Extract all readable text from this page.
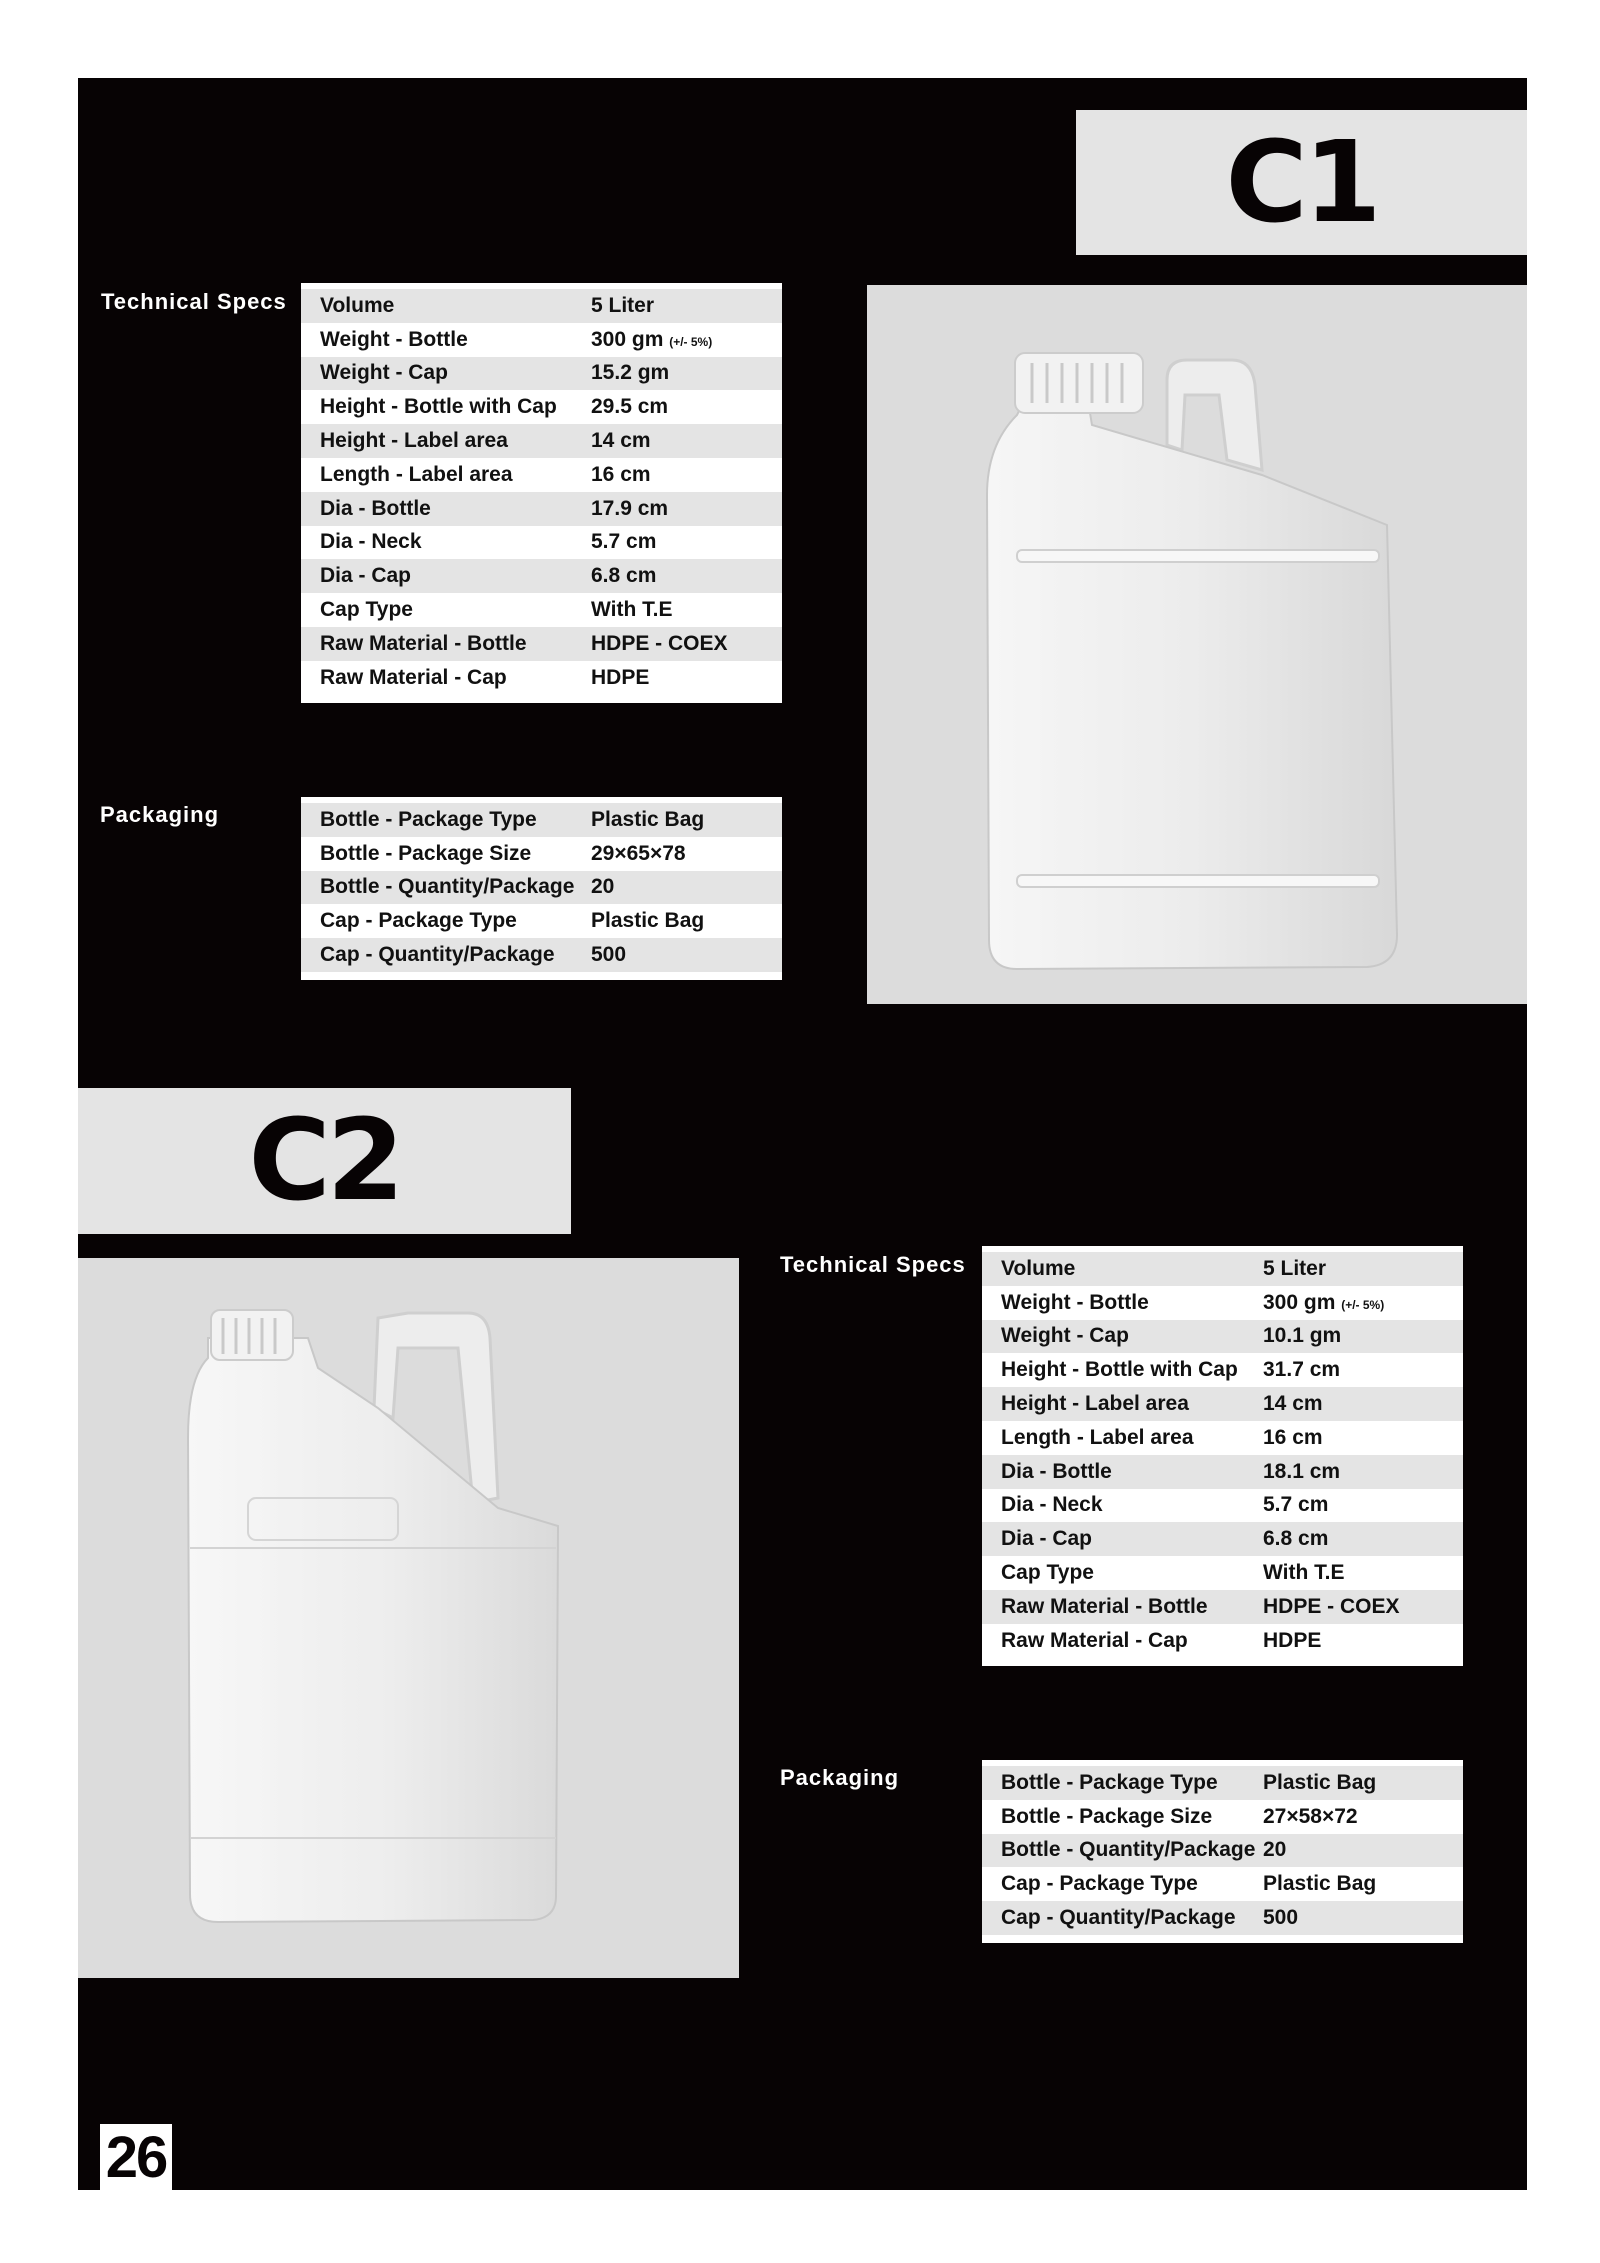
C1
Technical Specs	Volume	5 Liter
Weight - Bottle	300 gm (+/- 5%)
Weight - Cap	15.2 gm
Height - Bottle with Cap	29.5 cm
Height - Label area	14 cm
Length - Label area	16 cm
Dia - Bottle	17.9 cm
Dia - Neck	5.7 cm
Dia - Cap	6.8 cm
Cap Type	With T.E
Raw Material - Bottle	HDPE - COEX
Raw Material - Cap	HDPE
Packaging	Bottle - Package Type	Plastic Bag
Bottle - Package Size	29×65×78
Bottle - Quantity/Package 20
Cap - Package Type	Plastic Bag
Cap - Quantity/Package	500
C2
Technical Specs	Volume	5 Liter
Weight - Bottle	300 gm (+/- 5%)
Weight - Cap	10.1 gm
Height - Bottle with Cap	31.7 cm
Height - Label area	14 cm
Length - Label area	16 cm
Dia - Bottle	18.1 cm
Dia - Neck	5.7 cm
Dia - Cap	6.8 cm
Cap Type	With T.E
Raw Material - Bottle	HDPE - COEX
Raw Material - Cap	HDPE
Packaging	Bottle - Package Type	Plastic Bag
Bottle - Package Size	27×58×72
Bottle - Quantity/Package 20
Cap - Package Type	Plastic Bag
Cap - Quantity/Package	500
26
